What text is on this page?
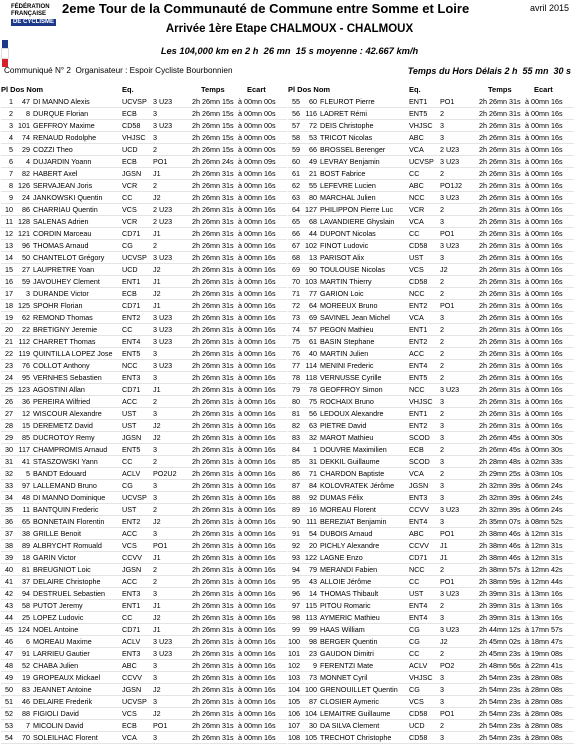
FÉDÉRATION

FRANÇAISE

DE CYCLISME

2eme Tour de la Communauté de Commune entre Somme et Loire	avril 2015
Arrivée 1ère Etape CHALMOUX - CHALMOUX
Les 104,000 km en 2 h  26 mn  15 s moyenne : 42.667 km/h
Communiqué N° 2  Organisateur : Espoir Cycliste Bourbonnien	Temps du Hors Délais 2 h  55 mn  30 s
Pl Dos Nom	Eq.	Temps	Ecart
1	47 DI MANNO Alexis	UCVSP 3 U23	2h 26mn 15s à 00mn 00s
2	8 DURQUE Florian	ECB 3	2h 26mn 15s à 00mn 00s
3 101 GEFFROY Maxime	CD58 3 U23	2h 26mn 15s à 00mn 00s
4	74 RENAUD Rodolphe	VHJSC 3	2h 26mn 15s à 00mn 00s
5	29 COZZI Theo	UCD 2	2h 26mn 15s à 00mn 00s
6	4 DUJARDIN Yoann	ECB PO1	2h 26mn 24s à 00mn 09s
7	82 HABERT Axel	JGSN J1	2h 26mn 31s à 00mn 16s
8 126 SERVAJEAN Joris	VCR 2	2h 26mn 31s à 00mn 16s
9	24 JANKOWSKI Quentin	CC	J2	2h 26mn 31s à 00mn 16s
10	86 CHARRIAU Quentin	VCS 2 U23	2h 26mn 31s à 00mn 16s
11 128 SALENAS Adrien	VCR 2 U23	2h 26mn 31s à 00mn 16s
12 121 CORDIN Marceau	CD71 J1	2h 26mn 31s à 00mn 16s
13	96 THOMAS Arnaud	CG	2	2h 26mn 31s à 00mn 16s
14	50 CHANTELOT Grégory UCVSP 3 U23	2h 26mn 31s à 00mn 16s
15	27 LAUPRETRE Yoan	UCD J2	2h 26mn 31s à 00mn 16s
16	59 JAVOUHEY Clement	ENT1 J1	2h 26mn 31s à 00mn 16s
17	3 DURANDE Victor	ECB J2	2h 26mn 31s à 00mn 16s
18 125 SPOHR Florian	CD71 J1	2h 26mn 31s à 00mn 16s
19	62 REMOND Thomas	ENT2 3 U23	2h 26mn 31s à 00mn 16s
20	22 BRETIGNY Jeremie	CC	3 U23	2h 26mn 31s à 00mn 16s
21 112 CHARRET Thomas	ENT4 3 U23	2h 26mn 31s à 00mn 16s
22 119 QUINTILLA LOPEZ Jose ENT5 3	2h 26mn 31s à 00mn 16s
23	76 COLLOT Anthony	NCC 3 U23	2h 26mn 31s à 00mn 16s
24	95 VERNHES Sebastien	ENT3 3	2h 26mn 31s à 00mn 16s
25 123 AGOSTINI Allan	CD71 J1	2h 26mn 31s à 00mn 16s
26	36 PEREIRA Wilfried	ACC 2	2h 26mn 31s à 00mn 16s
27	12 WISCOUR Alexandre	UST 3	2h 26mn 31s à 00mn 16s
28	15 DEREMETZ David	UST J2	2h 26mn 31s à 00mn 16s
29	85 DUCROTOY Remy	JGSN J2	2h 26mn 31s à 00mn 16s
30 117 CHAMPROMIS Arnaud ENT5 3	2h 26mn 31s à 00mn 16s
31	41 STASZOWSKI Yann	CC	2	2h 26mn 31s à 00mn 16s
32	5 BANDT Edouard	ACLV PO2U2 2h 26mn 31s à 00mn 16s
33	97 LALLEMAND Bruno	CG	3	2h 26mn 31s à 00mn 16s
34	48 DI MANNO Dominique UCVSP 3	2h 26mn 31s à 00mn 16s
35	11 BANTQUIN Frederic	UST 2	2h 26mn 31s à 00mn 16s
36	65 BONNETAIN Florentin ENT2 J2	2h 26mn 31s à 00mn 16s
37	38 GRILLE Benoit	ACC 3	2h 26mn 31s à 00mn 16s
38	89 ALBRYCHT Romuald	VCS PO1	2h 26mn 31s à 00mn 16s
39	18 GARIN Victor	CCVV J1	2h 26mn 31s à 00mn 16s
40	81 BREUGNIOT Loic	JGSN 2	2h 26mn 31s à 00mn 16s
41	37 DELAIRE Christophe	ACC 2	2h 26mn 31s à 00mn 16s
42	94 DESTRUEL Sebastien ENT3 3	2h 26mn 31s à 00mn 16s
43	58 PUTOT Jeremy	ENT1 J1	2h 26mn 31s à 00mn 16s
44	25 LOPEZ Ludovic	CC	J2	2h 26mn 31s à 00mn 16s
45 124 NOEL Antoine	CD71 J1	2h 26mn 31s à 00mn 16s
46	6 MOREAU Maxime	ACLV 3 U23	2h 26mn 31s à 00mn 16s
47	91 LARRIEU Gautier	ENT3 3 U23	2h 26mn 31s à 00mn 16s
48	52 CHABA Julien	ABC 3	2h 26mn 31s à 00mn 16s
49	19 GROPEAUX Mickael	CCVV 3	2h 26mn 31s à 00mn 16s
50	83 JEANNET Antoine	JGSN J2	2h 26mn 31s à 00mn 16s
51	46 DELAIRE Frederik	UCVSP 3	2h 26mn 31s à 00mn 16s
52	88 FIGIOLI David	VCS J2	2h 26mn 31s à 00mn 16s
53	7 MICOLIN David	ECB PO1	2h 26mn 31s à 00mn 16s
54	70 SOLEILHAC Florent	VCA 3	2h 26mn 31s à 00mn 16s
Pl Dos Nom	Eq.	Temps	Ecart
55	60 FLEUROT Pierre	ENT1 PO1	2h 26mn 31s à 00mn 16s
56 116 LADRET Rémi	ENT5 2	2h 26mn 31s à 00mn 16s
57	72 DEIS Christophe	VHJSC 3	2h 26mn 31s à 00mn 16s
58	53 TRICOT Nicolas	ABC 3	2h 26mn 31s à 00mn 16s
59	66 BROSSEL Berenger	VCA 2 U23	2h 26mn 31s à 00mn 16s
60	49 LEVRAY Benjamin	UCVSP 3 U23	2h 26mn 31s à 00mn 16s
61	21 BOST Fabrice	CC	2	2h 26mn 31s à 00mn 16s
62	55 LEFEVRE Lucien	ABC PO1J2 2h 26mn 31s à 00mn 16s
63	80 MARCHAL Julien	NCC 3 U23	2h 26mn 31s à 00mn 16s
64 127 PHILIPPON Pierre Luc VCR 2	2h 26mn 31s à 00mn 16s
65	68 LAVANDIERE Ghyslain VCA 3	2h 26mn 31s à 00mn 16s
66	44 DUPONT Nicolas	CC	PO1	2h 26mn 31s à 00mn 16s
67 102 FINOT Ludovic	CD58 3 U23	2h 26mn 31s à 00mn 16s
68	13 PARISOT Alix	UST 3	2h 26mn 31s à 00mn 16s
69	90 TOULOUSE Nicolas	VCS J2	2h 26mn 31s à 00mn 16s
70 103 MARTIN Thierry	CD58 2	2h 26mn 31s à 00mn 16s
71	77 GARION Loic	NCC 2	2h 26mn 31s à 00mn 16s
72	64 MOREEUX Bruno	ENT2 PO1	2h 26mn 31s à 00mn 16s
73	69 SAVINEL Jean Michel	VCA 3	2h 26mn 31s à 00mn 16s
74	57 PEGON Mathieu	ENT1 2	2h 26mn 31s à 00mn 16s
75	61 BASIN Stephane	ENT2 2	2h 26mn 31s à 00mn 16s
76	40 MARTIN Julien	ACC 2	2h 26mn 31s à 00mn 16s
77 114 MENINI Frederic	ENT4 2	2h 26mn 31s à 00mn 16s
78 118 VERNUSSE Cyrille	ENT5 2	2h 26mn 31s à 00mn 16s
79	78 GEOFFROY Simon	NCC 3 U23	2h 26mn 31s à 00mn 16s
80	75 ROCHAIX Bruno	VHJSC 3	2h 26mn 31s à 00mn 16s
81	56 LEDOUX Alexandre	ENT1 2	2h 26mn 31s à 00mn 16s
82	63 PIETRE David	ENT2 3	2h 26mn 31s à 00mn 16s
83	32 MAROT Mathieu	SCOD 3	2h 26mn 45s à 00mn 30s
84	1 DOUVRE Maximilien	ECB 2	2h 26mn 45s à 00mn 30s
85	31 DEKKIL Guillaume	SCOD 3	2h 28mn 48s à 02mn 33s
86	71 CHARDON Baptiste	VCA 2	2h 29mn 25s à 03mn 10s
87	84 KOLOVRATEK Jérôme JGSN 3	2h 32mn 39s à 06mn 24s
88	92 DUMAS Félix	ENT3 3	2h 32mn 39s à 06mn 24s
89	16 MOREAU Florent	CCVV 3 U23	2h 32mn 39s à 06mn 24s
90 111 BEREZIAT Benjamin	ENT4 3	2h 35mn 07s à 08mn 52s
91	54 DUBOIS Arnaud	ABC PO1	2h 38mn 46s à 12mn 31s
92	20 PICHLY Alexandre	CCVV J1	2h 38mn 46s à 12mn 31s
93 122 LAGNE Enzo	CD71 J1	2h 38mn 46s à 12mn 31s
94	79 MERANDI Fabien	NCC 2	2h 38mn 57s à 12mn 42s
95	43 ALLOIE Jérôme	CC	PO1	2h 38mn 59s à 12mn 44s
96	14 THOMAS Thibault	UST 3 U23	2h 39mn 31s à 13mn 16s
97 115 PITOU Romaric	ENT4 2	2h 39mn 31s à 13mn 16s
98 113 AYMERIC Mathieu	ENT4 3	2h 39mn 31s à 13mn 16s
99	99 HAAS William	CG	3 U23	2h 44mn 12s à 17mn 57s
100	98 BERGER Quentin	CG	J2	2h 45mn 02s à 18mn 47s
101	23 GAUDON Dimitri	CC	2	2h 45mn 23s à 19mn 08s
102	9 FERENTZI Mate	ACLV PO2	2h 48mn 56s à 22mn 41s
103	73 MONNET Cyril	VHJSC 3	2h 54mn 23s à 28mn 08s
104 100 GRENOUILLET Quentin CG	3	2h 54mn 23s à 28mn 08s
105	87 CLOSIER Aymeric	VCS 3	2h 54mn 23s à 28mn 08s
106 104 LEMAITRE Guillaume	CD58 PO1	2h 54mn 23s à 28mn 08s
107	30 DA SILVA Clement	UCD 2	2h 54mn 23s à 28mn 08s
108 105 TRECHOT Christophe CD58 3	2h 54mn 23s à 28mn 08s
